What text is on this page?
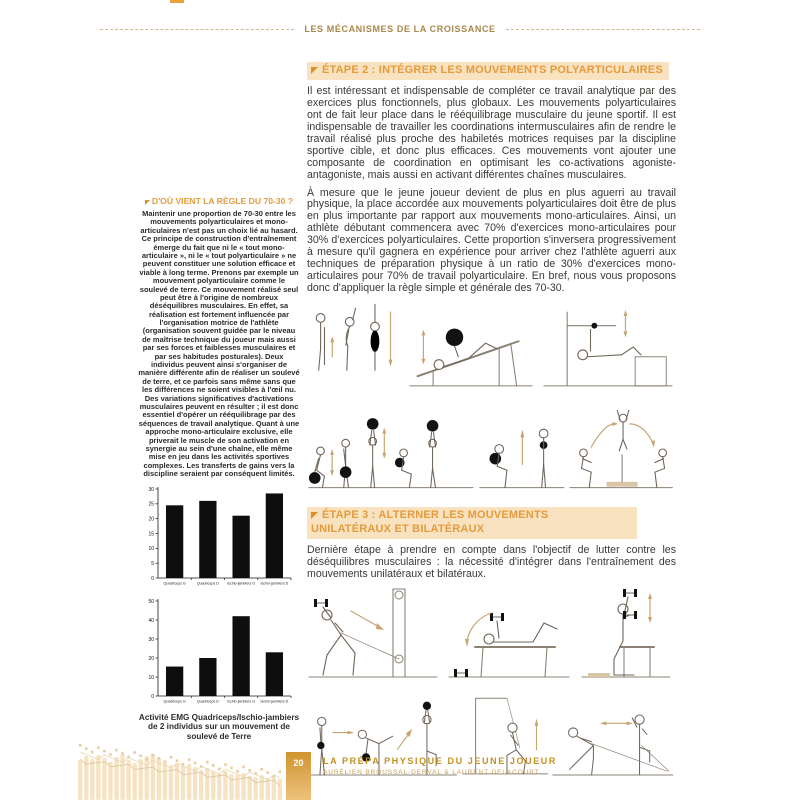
LES MÉCANISMES DE LA CROISSANCE
D'OÙ VIENT LA RÈGLE DU 70-30 ?
Maintenir une proportion de 70-30 entre les mouvements polyarticulaires et mono-articulaires n'est pas un choix lié au hasard. Ce principe de construction d'entraînement émerge du fait que ni le « tout mono-articulaire », ni le « tout polyarticulaire » ne peuvent constituer une solution efficace et viable à long terme. Prenons par exemple un mouvement polyarticulaire comme le soulevé de terre. Ce mouvement réalisé seul peut être à l'origine de nombreux déséquilibres musculaires. En effet, sa réalisation est fortement influencée par l'organisation motrice de l'athlète (organisation souvent guidée par le niveau de maîtrise technique du joueur mais aussi par ses forces et faiblesses musculaires et par ses habitudes posturales). Deux individus peuvent ainsi s'organiser de manière différente afin de réaliser un soulevé de terre, et ce parfois sans même sans que les différences ne soient visibles à l'œil nu. Des variations significatives d'activations musculaires peuvent en résulter ; il est donc essentiel d'opérer un rééquilibrage par des séquences de travail analytique. Quant à une approche mono-articulaire exclusive, elle priverait le muscle de son activation en synergie au sein d'une chaîne, elle même mise en jeu dans les activités sportives complexes. Les transferts de gains vers la discipline seraient par conséquent limités.
0
5
10
15
20
25
30
Quadriceps G	Quadriceps D Ischio-jambiers G Ischio-jambiers D
0
10
20
30
40
50
Quadriceps G	Quadriceps D Ischio-jambiers G Ischio-jambiers D
Activité EMG Quadriceps/Ischio-jambiers de 2 individus sur un mouvement de soulevé de Terre
ÉTAPE 2 : INTÉGRER LES MOUVEMENTS POLYARTICULAIRES

Il est intéressant et indispensable de compléter ce travail analytique par des exercices plus fonctionnels, plus globaux. Les mouvements polyarticulaires ont de fait leur place dans le rééquilibrage musculaire du jeune sportif. Il est indispensable de travailler les coordinations intermusculaires afin de rendre le travail réalisé plus proche des habiletés motrices requises par la discipline sportive cible, et donc plus efficaces. Ces mouvements vont ajouter une composante de coordination en optimisant les co-activations agoniste-antagoniste, mais aussi en activant différentes chaînes musculaires.

À mesure que le jeune joueur devient de plus en plus aguerri au travail physique, la place accordée aux mouvements polyarticulaires doit être de plus en plus importante par rapport aux mouvements mono-articulaires. Ainsi, un athlète débutant commencera avec 70% d'exercices mono-articulaires pour 30% d'exercices polyarticulaires. Cette proportion s'inversera progressivement à mesure qu'il gagnera en expérience pour arriver chez l'athlète aguerri aux techniques de préparation physique à un ratio de 30% d'exercices mono-articulaires pour 70% de travail polyarticulaire. En bref, nous vous proposons donc d'appliquer la règle simple et générale des 70-30.

ÉTAPE 3 : ALTERNER LES MOUVEMENTS UNILATÉRAUX ET BILATÉRAUX

Dernière étape à prendre en compte dans l'objectif de lutter contre les déséquilibres musculaires : la nécessité d'intégrer dans l'entraînement des mouvements unilatéraux et bilatéraux.

20	LA PRÉPA PHYSIQUE DU JEUNE JOUEUR
AURÉLIEN BROUSSAL-DERVAL & LAURENT DELACOURT
